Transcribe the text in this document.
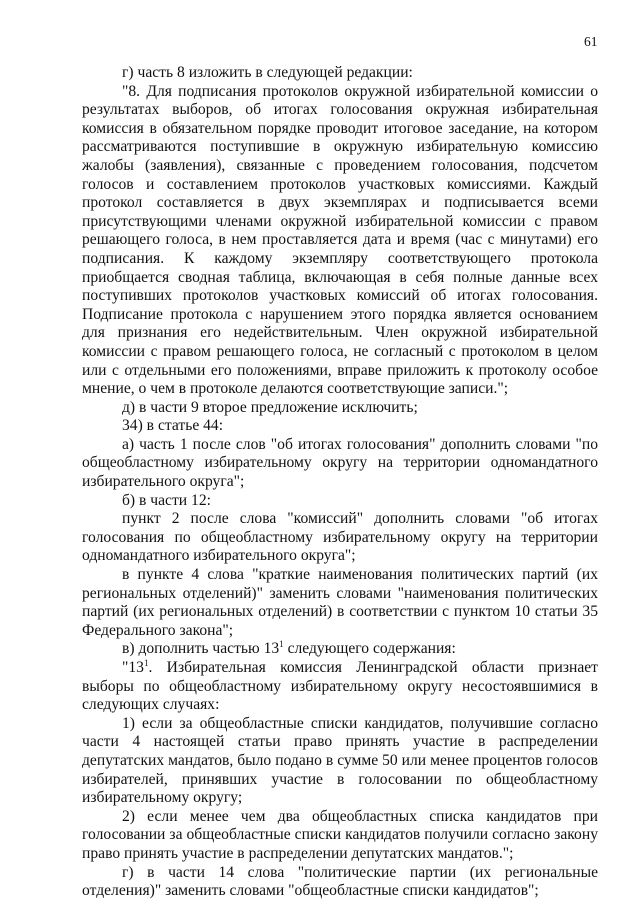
61

г) часть 8 изложить в следующей редакции:

"8. Для подписания протоколов окружной избирательной комиссии о результатах выборов, об итогах голосования окружная избирательная комиссия в обязательном порядке проводит итоговое заседание, на котором рассматриваются поступившие в окружную избирательную комиссию жалобы (заявления), связанные с проведением голосования, подсчетом голосов и составлением протоколов участковых комиссиями. Каждый протокол составляется в двух экземплярах и подписывается всеми присутствующими членами окружной избирательной комиссии с правом решающего голоса, в нем проставляется дата и время (час с минутами) его подписания. К каждому экземпляру соответствующего протокола приобщается сводная таблица, включающая в себя полные данные всех поступивших протоколов участковых комиссий об итогах голосования. Подписание протокола с нарушением этого порядка является основанием для признания его недействительным. Член окружной избирательной комиссии с правом решающего голоса, не согласный с протоколом в целом или с отдельными его положениями, вправе приложить к протоколу особое мнение, о чем в протоколе делаются соответствующие записи.";

д) в части 9 второе предложение исключить;

34) в статье 44:

а) часть 1 после слов "об итогах голосования" дополнить словами "по общеобластному избирательному округу на территории одномандатного избирательного округа";

б) в части 12:

пункт 2 после слова "комиссий" дополнить словами "об итогах голосования по общеобластному избирательному округу на территории одномандатного избирательного округа";

в пункте 4 слова "краткие наименования политических партий (их региональных отделений)" заменить словами "наименования политических партий (их региональных отделений) в соответствии с пунктом 10 статьи 35 Федерального закона";

в) дополнить частью $13^1$ следующего содержания:

"$13^1$. Избирательная комиссия Ленинградской области признает выборы по общеобластному избирательному округу несостоявшимися в следующих случаях:

1) если за общеобластные списки кандидатов, получившие согласно части 4 настоящей статьи право принять участие в распределении депутатских мандатов, было подано в сумме 50 или менее процентов голосов избирателей, принявших участие в голосовании по общеобластному избирательному округу;

2) если менее чем два общеобластных списка кандидатов при голосовании за общеобластные списки кандидатов получили согласно закону право принять участие в распределении депутатских мандатов.";

г) в части 14 слова "политические партии (их региональные отделения)" заменить словами "общеобластные списки кандидатов";
